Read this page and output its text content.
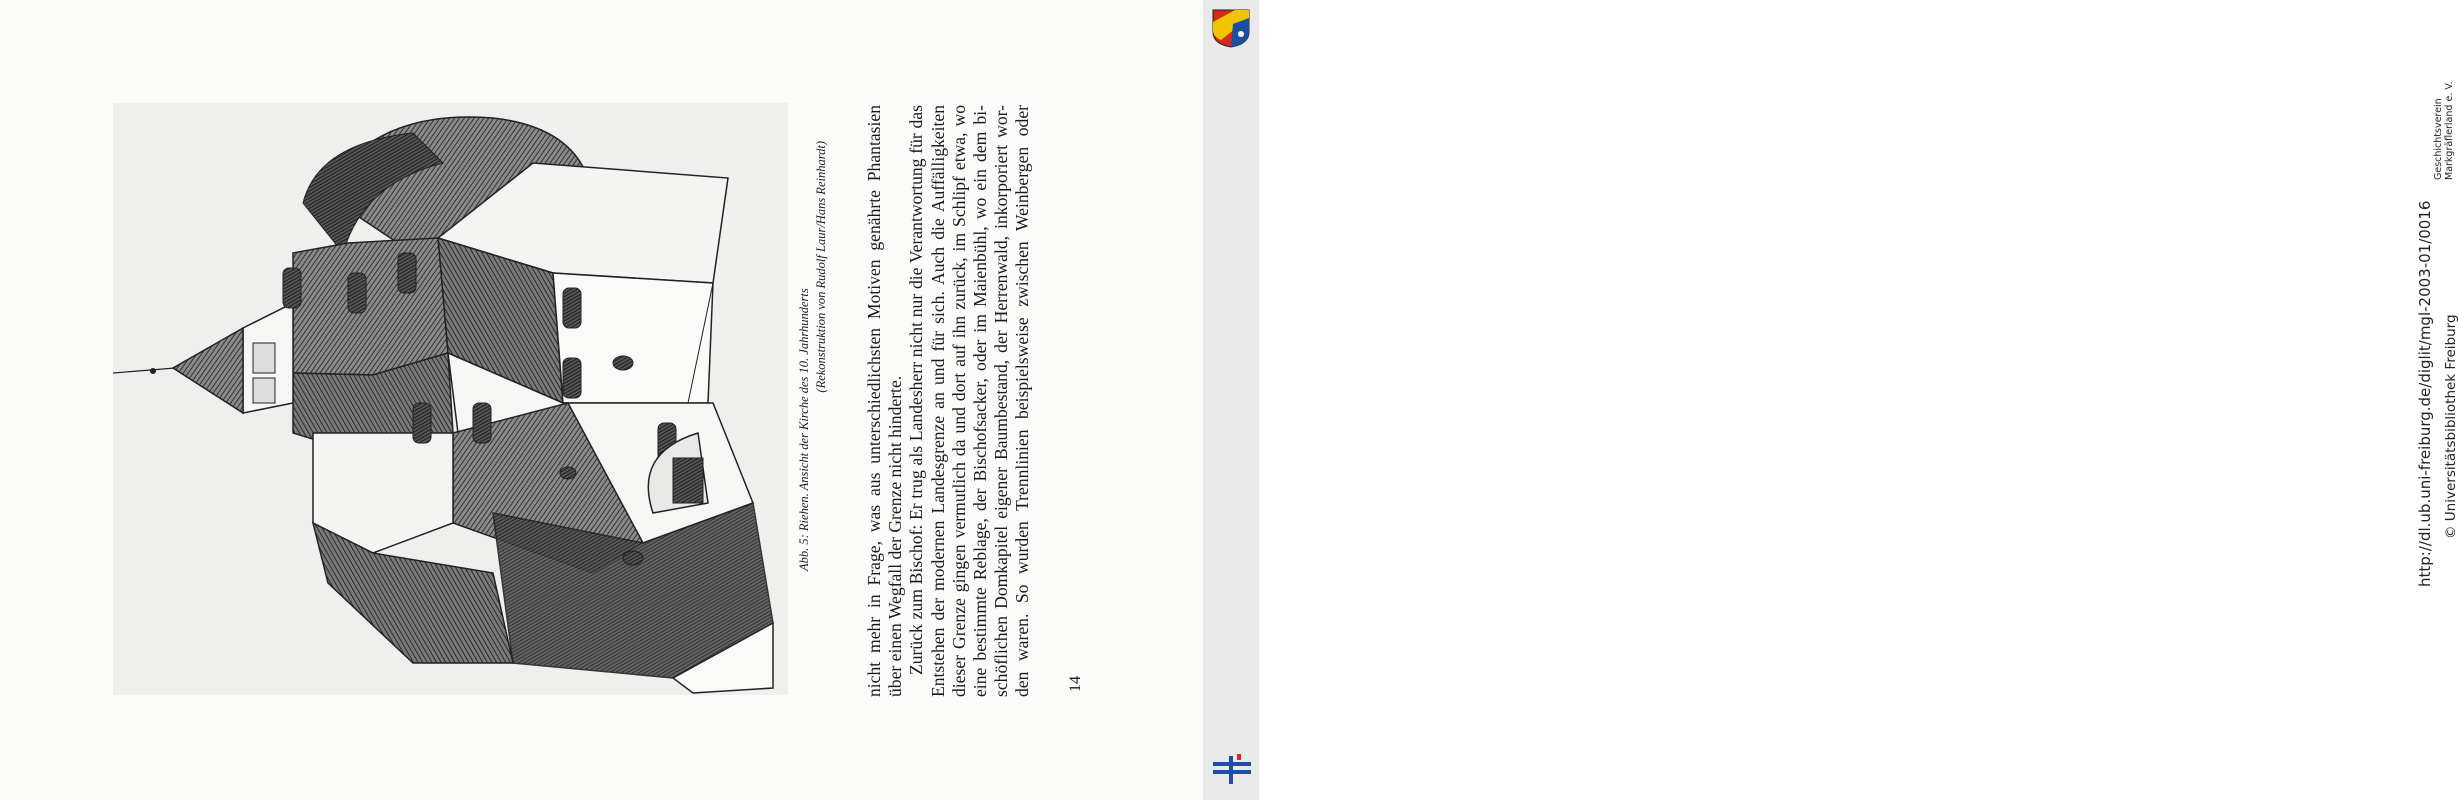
Abb. 5: Riehen. Ansicht der Kirche des 10. Jahrhunderts

(Rekonstruktion von Rudolf Laur/Hans Reinhardt) nicht mehr in Frage, was aus unterschiedlichsten Motiven genährte Phantasien über einen Wegfall der Grenze nicht hinderte. Zurück zum Bischof: Er trug als Landesherr nicht nur die Verantwortung für das Entstehen der modernen Landesgrenze an und für sich. Auch die Auffälligkeiten dieser Grenze gingen vermutlich da und dort auf ihn zurück, im Schlipf etwa, wo eine bestimmte Reblage, der Bischofsacker, oder im Maienbühl, wo ein dem bi- schöflichen Domkapitel eigener Baumbestand, der Herrenwald, inkorporiert wor- den waren. So wurden Trennlinien beispielsweise zwischen Weinbergen oder 14
Geschichtsverein
Markgräflerland e. V.
http://dl.ub.uni-freiburg.de/diglit/mgl-2003-01/0016 © Universitätsbibliothek Freiburg
